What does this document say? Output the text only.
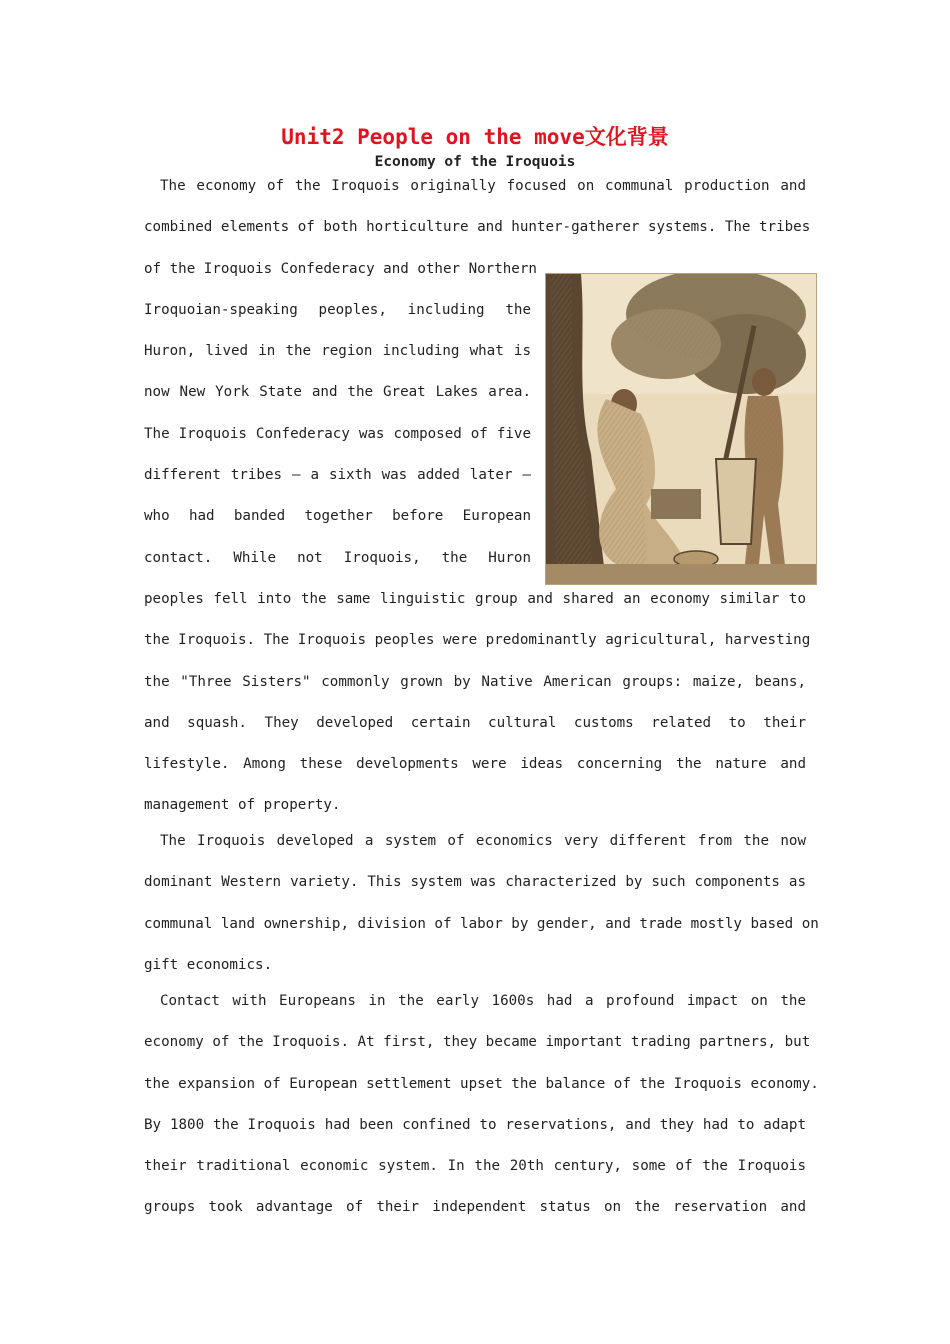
Unit2 People on the move文化背景
Economy of the Iroquois
The economy of the Iroquois originally focused on communal production and
combined elements of both horticulture and hunter-gatherer systems. The tribes
of the Iroquois Confederacy and other Northern
Iroquoian-speaking peoples, including the
Huron, lived in the region including what is
now New York State and the Great Lakes area.
The Iroquois Confederacy was composed of five
different tribes — a sixth was added later —
who had banded together before European
contact. While not Iroquois, the Huron
peoples fell into the same linguistic group and shared an economy similar to
the Iroquois. The Iroquois peoples were predominantly agricultural, harvesting
the "Three Sisters" commonly grown by Native American groups: maize, beans,
and squash. They developed certain cultural customs related to their
lifestyle. Among these developments were ideas concerning the nature and
management of property.
The Iroquois developed a system of economics very different from the now
dominant Western variety. This system was characterized by such components as
communal land ownership, division of labor by gender, and trade mostly based on
gift economics.
Contact with Europeans in the early 1600s had a profound impact on the
economy of the Iroquois. At first, they became important trading partners, but
the expansion of European settlement upset the balance of the Iroquois economy.
By 1800 the Iroquois had been confined to reservations, and they had to adapt
their traditional economic system. In the 20th century, some of the Iroquois
groups took advantage of their independent status on the reservation and
